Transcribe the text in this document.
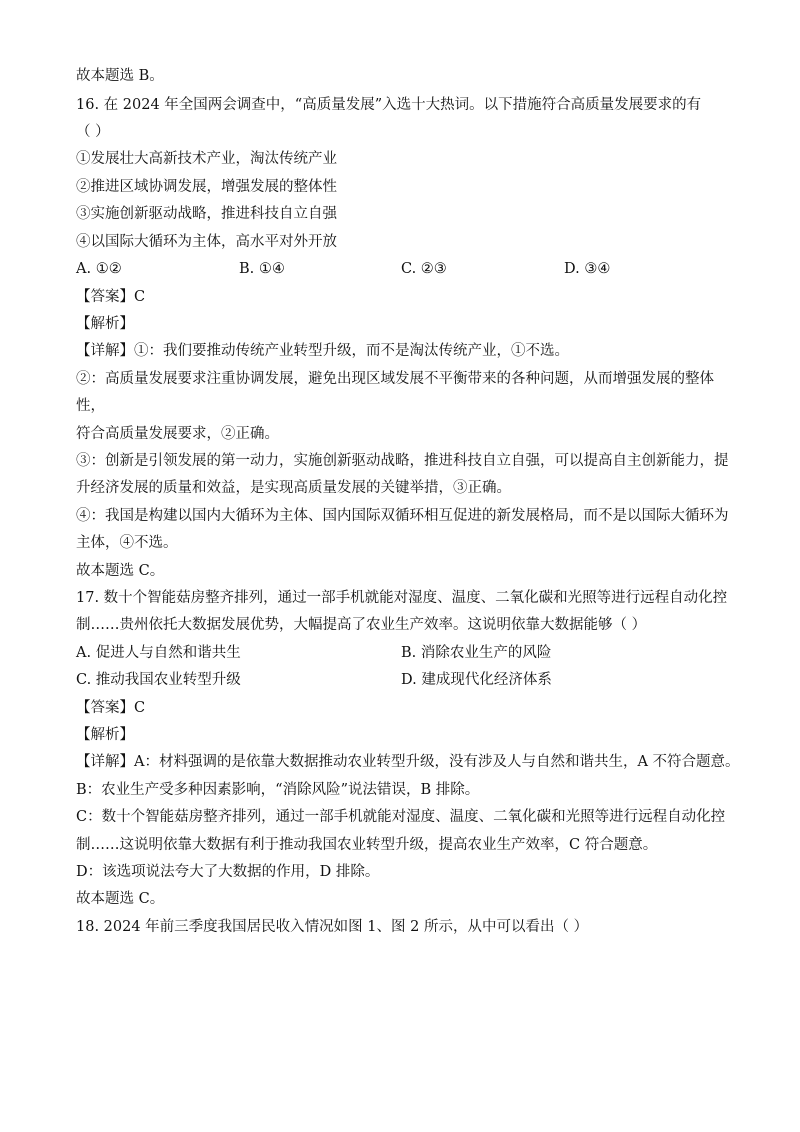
故本题选 B。
16. 在 2024 年全国两会调查中，“高质量发展”入选十大热词。以下措施符合高质量发展要求的有
（ ）
①发展壮大高新技术产业，淘汰传统产业
②推进区域协调发展，增强发展的整体性
③实施创新驱动战略，推进科技自立自强
④以国际大循环为主体，高水平对外开放
A. ①②	B. ①④	C. ②③	D. ③④
【答案】C
【解析】
【详解】①：我们要推动传统产业转型升级，而不是淘汰传统产业，①不选。
②：高质量发展要求注重协调发展，避免出现区域发展不平衡带来的各种问题，从而增强发展的整体
性，
符合高质量发展要求，②正确。
③：创新是引领发展的第一动力，实施创新驱动战略，推进科技自立自强，可以提高自主创新能力，提
升经济发展的质量和效益，是实现高质量发展的关键举措，③正确。
④：我国是构建以国内大循环为主体、国内国际双循环相互促进的新发展格局，而不是以国际大循环为
主体，④不选。
故本题选 C。
17. 数十个智能菇房整齐排列，通过一部手机就能对湿度、温度、二氧化碳和光照等进行远程自动化控
制……贵州依托大数据发展优势，大幅提高了农业生产效率。这说明依靠大数据能够（ ）
A. 促进人与自然和谐共生	B. 消除农业生产的风险
C. 推动我国农业转型升级	D. 建成现代化经济体系
【答案】C
【解析】
【详解】A：材料强调的是依靠大数据推动农业转型升级，没有涉及人与自然和谐共生，A 不符合题意。
B：农业生产受多种因素影响，“消除风险”说法错误，B 排除。
C：数十个智能菇房整齐排列，通过一部手机就能对湿度、温度、二氧化碳和光照等进行远程自动化控
制……这说明依靠大数据有利于推动我国农业转型升级，提高农业生产效率，C 符合题意。
D：该选项说法夸大了大数据的作用，D 排除。
故本题选 C。
18. 2024 年前三季度我国居民收入情况如图 1、图 2 所示，从中可以看出（ ）
